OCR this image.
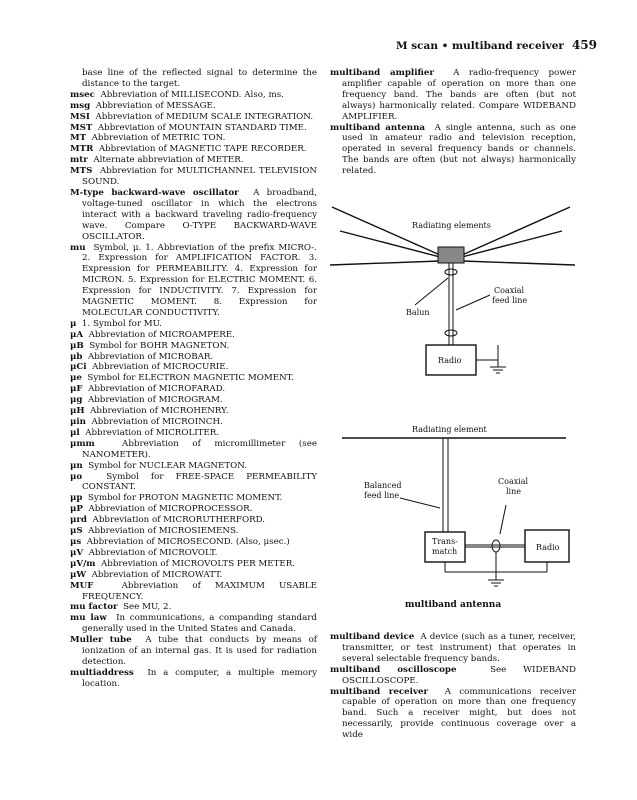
M scan • multiband receiver 459

base line of the reflected signal to determine the distance to the target.

msec Abbreviation of MILLISECOND. Also, ms.

msg Abbreviation of MESSAGE.

MSI Abbreviation of MEDIUM SCALE INTEGRATION.

MST Abbreviation of MOUNTAIN STANDARD TIME.

MT Abbreviation of METRIC TON.

MTR Abbreviation of MAGNETIC TAPE RECORDER.

mtr Alternate abbreviation of METER.

MTS Abbreviation for MULTICHANNEL TELEVISION SOUND.

M-type backward-wave oscillator A broadband, voltage-tuned oscillator in which the electrons interact with a backward traveling radio-frequency wave. Compare O-TYPE BACKWARD-WAVE OSCILLATOR.

mu Symbol, μ. 1. Abbreviation of the prefix MICRO-. 2. Expression for AMPLIFICATION FACTOR. 3. Expression for PERMEABILITY. 4. Expression for MICRON. 5. Expression for ELECTRIC MOMENT. 6. Expression for INDUCTIVITY. 7. Expression for MAGNETIC MOMENT. 8. Expression for MOLECULAR CONDUCTIVITY.

μ 1. Symbol for MU.

μA Abbreviation of MICROAMPERE.

μB Symbol for BOHR MAGNETON.

μb Abbreviation of MICROBAR.

μCi Abbreviation of MICROCURIE.

μe Symbol for ELECTRON MAGNETIC MOMENT.

μF Abbreviation of MICROFARAD.

μg Abbreviation of MICROGRAM.

μH Abbreviation of MICROHENRY.

μin Abbreviation of MICROINCH.

μl Abbreviation of MICROLITER.

μmm	Abbreviation of micromillimeter (see NANOMETER).

μn Symbol for NUCLEAR MAGNETON.

μo	Symbol for FREE-SPACE PERMEABILITY CONSTANT.

μp Symbol for PROTON MAGNETIC MOMENT.

μP Abbreviation of MICROPROCESSOR.

μrd Abbreviation of MICRORUTHERFORD.

μS Abbreviation of MICROSIEMENS.

μs Abbreviation of MICROSECOND. (Also, μsec.)

μV Abbreviation of MICROVOLT.

μV/m Abbreviation of MICROVOLTS PER METER.

μW Abbreviation of MICROWATT.

MUF	Abbreviation of MAXIMUM USABLE FREQUENCY.

mu factor See MU, 2.

mu law In communications, a companding standard generally used in the United States and Canada.

Muller tube A tube that conducts by means of ionization of an internal gas. It is used for radiation detection.

multiaddress In a computer, a multiple memory location.

multiband amplifier A radio-frequency power amplifier capable of operation on more than one frequency band. The bands are often (but not always) harmonically related. Compare WIDEBAND AMPLIFIER.

multiband antenna A single antenna, such as one used in amateur radio and television reception, operated in several frequency bands or channels. The bands are often (but not always) harmonically related.

Radiating elements
Balun
Coaxial
feed line
Radio
Radiating element
Balanced
feed line
Coaxial
line
Trans-
match	Radio
multiband antenna

multiband device A device (such as a tuner, receiver, transmitter, or test instrument) that operates in several selectable frequency bands.

multiband oscilloscope	See WIDEBAND OSCILLOSCOPE.

multiband receiver A communications receiver capable of operation on more than one frequency band. Such a receiver might, but does not necessarily, provide continuous coverage over a wide
